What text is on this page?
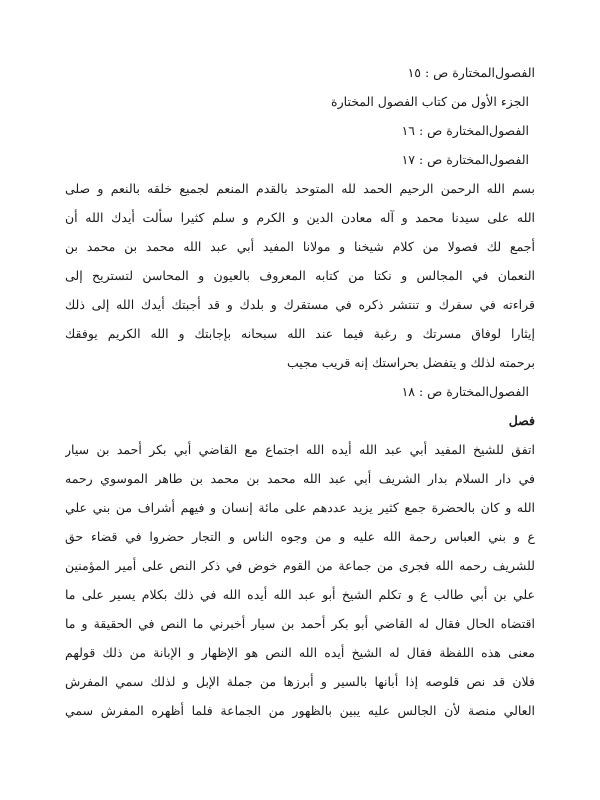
الفصول‌المختارة ص : ١٥
الجزء الأول من كتاب الفصول المختارة
الفصول‌المختارة ص : ١٦
الفصول‌المختارة ص : ١٧
بسم الله الرحمن الرحيم الحمد لله المتوحد بالقدم المنعم لجميع خلقه بالنعم و صلى
الله على سيدنا محمد و آله معادن الدين و الكرم و سلم كثيرا سألت أيدك الله أن
أجمع لك فصولا من كلام شيخنا و مولانا المفيد أبي عبد الله محمد بن محمد بن
النعمان في المجالس و نكتا من كتابه المعروف بالعيون و المحاسن لتستريح إلى
قراءته في سفرك و تنتشر ذكره في مستقرك و بلدك و قد أجبتك أيدك الله إلى ذلك
إيثارا لوفاق مسرتك و رغبة فيما عند الله سبحانه بإجابتك و الله الكريم يوفقك
برحمته لذلك و يتفضل بحراستك إنه قريب مجيب
الفصول‌المختارة ص : ١٨
فصل
اتفق للشيخ المفيد أبي عبد الله أيده الله اجتماع مع القاضي أبي بكر أحمد بن سيار
في دار السلام بدار الشريف أبي عبد الله محمد بن محمد بن طاهر الموسوي رحمه
الله و كان بالحضرة جمع كثير يزيد عددهم على مائة إنسان و فيهم أشراف من بني علي
ع و بني العباس رحمة الله عليه و من وجوه الناس و التجار حضروا في قضاء حق
للشريف رحمه الله فجرى من جماعة من القوم خوض في ذكر النص على أمير المؤمنين
علي بن أبي طالب ع و تكلم الشيخ أبو عبد الله أيده الله في ذلك بكلام يسير على ما
اقتضاه الحال فقال له القاضي أبو بكر أحمد بن سيار أخبرني ما النص في الحقيقة و ما
معنى هذه اللفظة فقال له الشيخ أيده الله النص هو الإظهار و الإبانة من ذلك قولهم
فلان قد نص قلوصه إذا أبانها بالسير و أبرزها من جملة الإبل و لذلك سمي المفرش
العالي منصة لأن الجالس عليه يبين بالظهور من الجماعة فلما أظهره المفرش سمي
